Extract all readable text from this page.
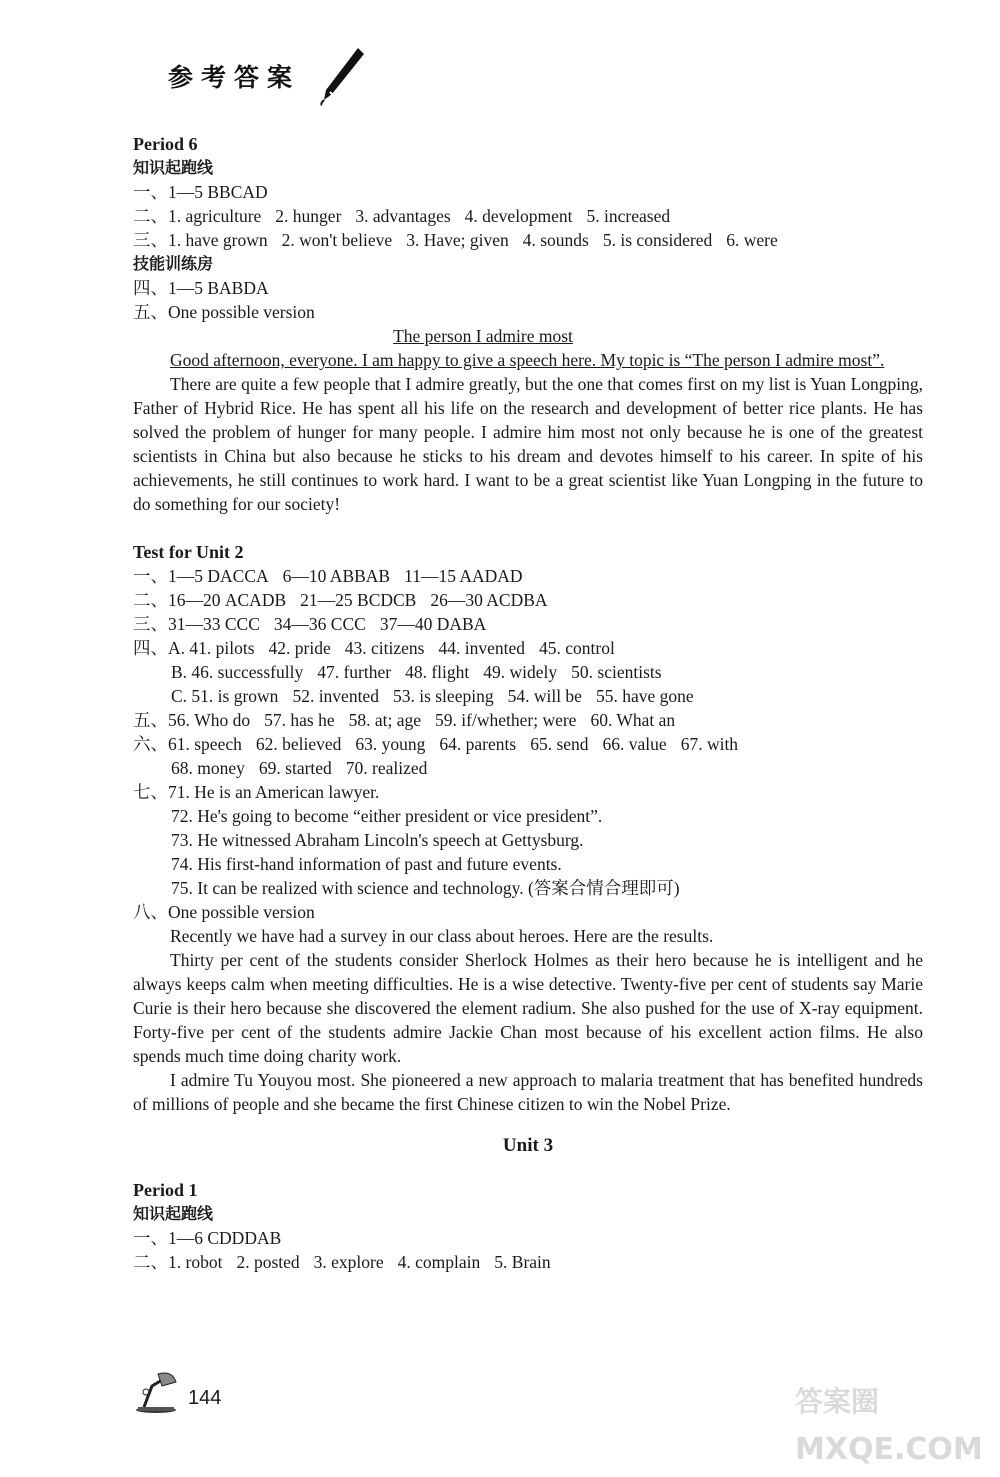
参考答案
Period 6
知识起跑线
一、1—5 BBCAD
二、1. agriculture 2. hunger 3. advantages 4. development 5. increased
三、1. have grown 2. won't believe 3. Have; given 4. sounds 5. is considered 6. were
技能训练房
四、1—5 BABDA
五、One possible version
The person I admire most
Good afternoon, everyone. I am happy to give a speech here. My topic is “The person I admire most”.
There are quite a few people that I admire greatly, but the one that comes first on my list is Yuan Longping, Father of Hybrid Rice. He has spent all his life on the research and development of better rice plants. He has solved the problem of hunger for many people. I admire him most not only because he is one of the greatest scientists in China but also because he sticks to his dream and devotes himself to his career. In spite of his achievements, he still continues to work hard. I want to be a great scientist like Yuan Longping in the future to do something for our society!
Test for Unit 2
一、1—5 DACCA 6—10 ABBAB 11—15 AADAD
二、16—20 ACADB 21—25 BCDCB 26—30 ACDBA
三、31—33 CCC 34—36 CCC 37—40 DABA
四、A. 41. pilots 42. pride 43. citizens 44. invented 45. control
B. 46. successfully 47. further 48. flight 49. widely 50. scientists
C. 51. is grown 52. invented 53. is sleeping 54. will be 55. have gone
五、56. Who do 57. has he 58. at; age 59. if/whether; were 60. What an
六、61. speech 62. believed 63. young 64. parents 65. send 66. value 67. with
68. money 69. started 70. realized
七、71. He is an American lawyer.
72. He's going to become “either president or vice president”.
73. He witnessed Abraham Lincoln's speech at Gettysburg.
74. His first-hand information of past and future events.
75. It can be realized with science and technology. (答案合情合理即可)
八、One possible version
Recently we have had a survey in our class about heroes. Here are the results.
Thirty per cent of the students consider Sherlock Holmes as their hero because he is intelligent and he always keeps calm when meeting difficulties. He is a wise detective. Twenty-five per cent of students say Marie Curie is their hero because she discovered the element radium. She also pushed for the use of X-ray equipment. Forty-five per cent of the students admire Jackie Chan most because of his excellent action films. He also spends much time doing charity work.
I admire Tu Youyou most. She pioneered a new approach to malaria treatment that has benefited hundreds of millions of people and she became the first Chinese citizen to win the Nobel Prize.
Unit 3
Period 1
知识起跑线
一、1—6 CDDDAB
二、1. robot 2. posted 3. explore 4. complain 5. Brain
144	答案圈
MXQE.COM
